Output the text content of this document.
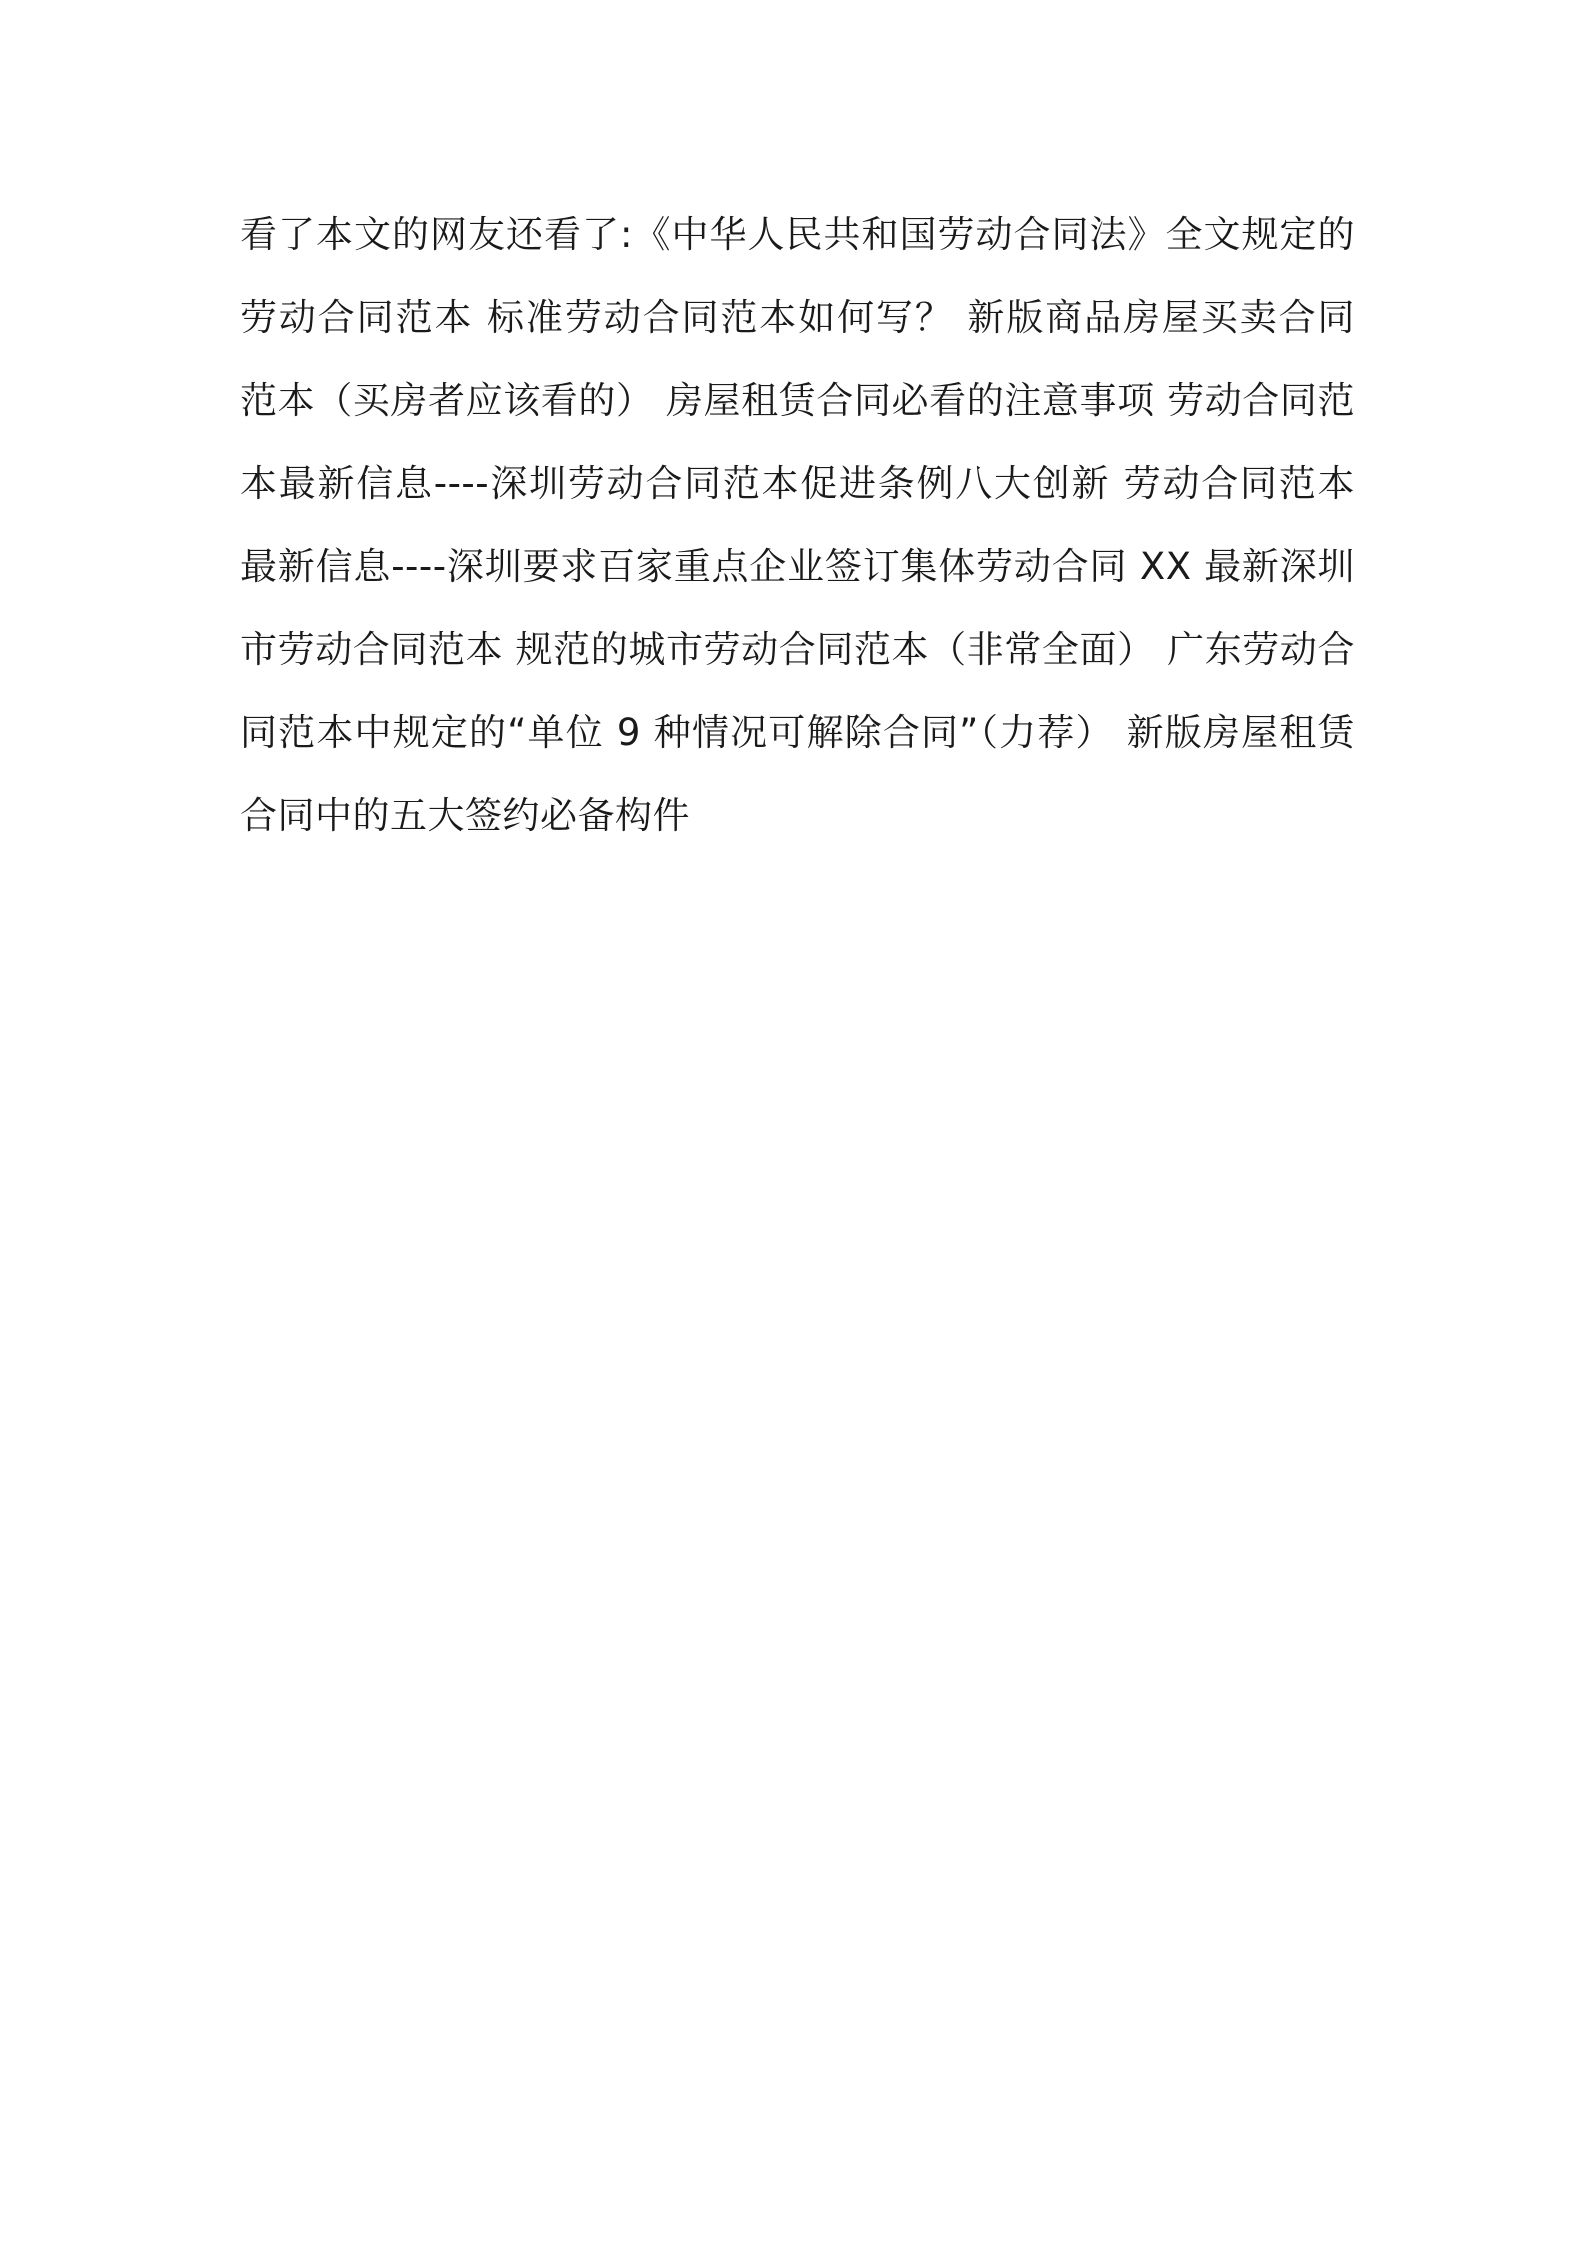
看了本文的网友还看了:《中华人民共和国劳动合同法》全文规定的
劳动合同范本 标准劳动合同范本如何写？ 新版商品房屋买卖合同
范本（买房者应该看的） 房屋租赁合同必看的注意事项 劳动合同范
本最新信息----深圳劳动合同范本促进条例八大创新 劳动合同范本
最新信息----深圳要求百家重点企业签订集体劳动合同 XX 最新深圳
市劳动合同范本 规范的城市劳动合同范本（非常全面） 广东劳动合
同范本中规定的“单位 9 种情况可解除合同”（力荐） 新版房屋租赁
合同中的五大签约必备构件
